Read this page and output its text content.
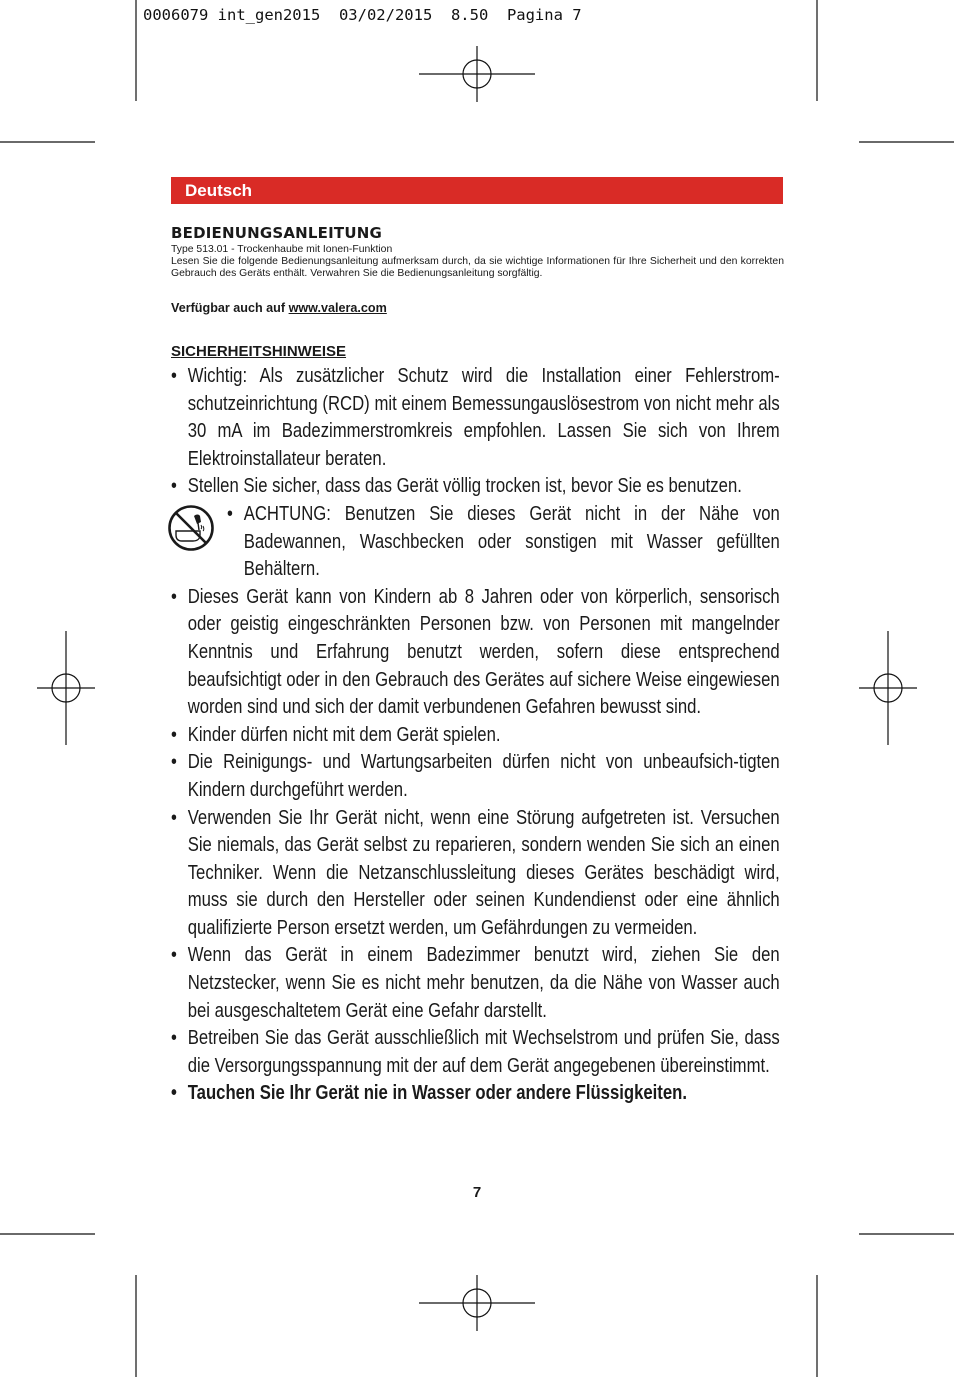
0006079 int_gen2015  03/02/2015  8.50  Pagina 7
Deutsch
BEDIENUNGSANLEITUNG
Type 513.01 - Trockenhaube mit Ionen-Funktion
Lesen Sie die folgende Bedienungsanleitung aufmerksam durch, da sie wichtige Informationen für Ihre Sicherheit und den korrekten Gebrauch des Geräts enthält. Verwahren Sie die Bedienungsanleitung sorgfältig.
Verfügbar auch auf www.valera.com
SICHERHEITSHINWEISE
• Wichtig: Als zusätzlicher Schutz wird die Installation einer Fehlerstrom-schutzeinrichtung (RCD) mit einem Bemessungauslösestrom von nicht mehr als 30 mA im Badezimmerstromkreis empfohlen. Lassen Sie sich von Ihrem Elektroinstallateur beraten.
• Stellen Sie sicher, dass das Gerät völlig trocken ist, bevor Sie es benutzen.
• ACHTUNG: Benutzen Sie dieses Gerät nicht in der Nähe von Badewannen, Waschbecken oder sonstigen mit Wasser gefüllten Behältern.
• Dieses Gerät kann von Kindern ab 8 Jahren oder von körperlich, sensorisch oder geistig eingeschränkten Personen bzw. von Personen mit mangelnder Kenntnis und Erfahrung benutzt werden, sofern diese entsprechend beaufsichtigt oder in den Gebrauch des Gerätes auf sichere Weise eingewiesen worden sind und sich der damit verbundenen Gefahren bewusst sind.
• Kinder dürfen nicht mit dem Gerät spielen.
• Die Reinigungs- und Wartungsarbeiten dürfen nicht von unbeaufsich-tigten Kindern durchgeführt werden.
• Verwenden Sie Ihr Gerät nicht, wenn eine Störung aufgetreten ist. Versuchen Sie niemals, das Gerät selbst zu reparieren, sondern wenden Sie sich an einen Techniker. Wenn die Netzanschlussleitung dieses Gerätes beschädigt wird, muss sie durch den Hersteller oder seinen Kundendienst oder eine ähnlich qualifizierte Person ersetzt werden, um Gefährdungen zu vermeiden.
• Wenn das Gerät in einem Badezimmer benutzt wird, ziehen Sie den Netzstecker, wenn Sie es nicht mehr benutzen, da die Nähe von Wasser auch bei ausgeschaltetem Gerät eine Gefahr darstellt.
• Betreiben Sie das Gerät ausschließlich mit Wechselstrom und prüfen Sie, dass die Versorgungsspannung mit der auf dem Gerät angegebenen übereinstimmt.
• Tauchen Sie Ihr Gerät nie in Wasser oder andere Flüssigkeiten.
7
